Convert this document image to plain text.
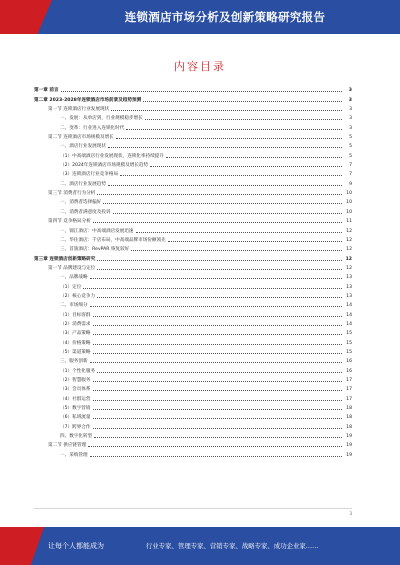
连锁酒店市场分析及创新策略研究报告
内容目录
第一章 前言	3
第二章 2023-2028年连锁酒店市场前景及趋势预测	3
第一节 连锁酒店行业发展现状	3
一、发展：从单店到，行业规模稳步增长	3
二、变革：行业进入连锁化时代	3
第二节 连锁酒店市场规模及增长	5
一、酒店行业发展现状	5
（1）中高端酒店行业发展现状，连锁化率持续提升	5
（2）2024年连锁酒店市场规模及增长趋势	7
（3）连锁酒店行业竞争格局	7
二、酒店行业发展趋势	9
第三节 消费者行为分析	10
一、消费者选择偏好	10
二、消费者满意度及投诉	10
第四节 竞争格局分析	11
一、锦江酒店：中高端酒店发展迅速	12
二、华住酒店：千店布局，中高端品牌市场份额领先	12
三、首旅酒店：RevPAR 恢复较好	12
第三章 连锁酒店创新策略研究	12
第一节 品牌建设与定位	12
一、品牌战略	13
（1）定位	13
（2）核心竞争力	13
二、市场细分	14
（1）目标客群	14
（2）消费需求	14
（3）产品策略	15
（4）价格策略	15
（5）渠道策略	15
三、服务创新	16
（1）个性化服务	16
（2）智慧服务	17
（3）会员体系	17
（4）社群运营	17
（5）数字营销	18
（6）私域流量	18
（7）跨界合作	18
四、数字化转型	19
第二节 供应链管理	19
一、采购管理	19
3
让每个人都能成为	行业专家、管理专家、营销专家、战略专家、成功企业家……
